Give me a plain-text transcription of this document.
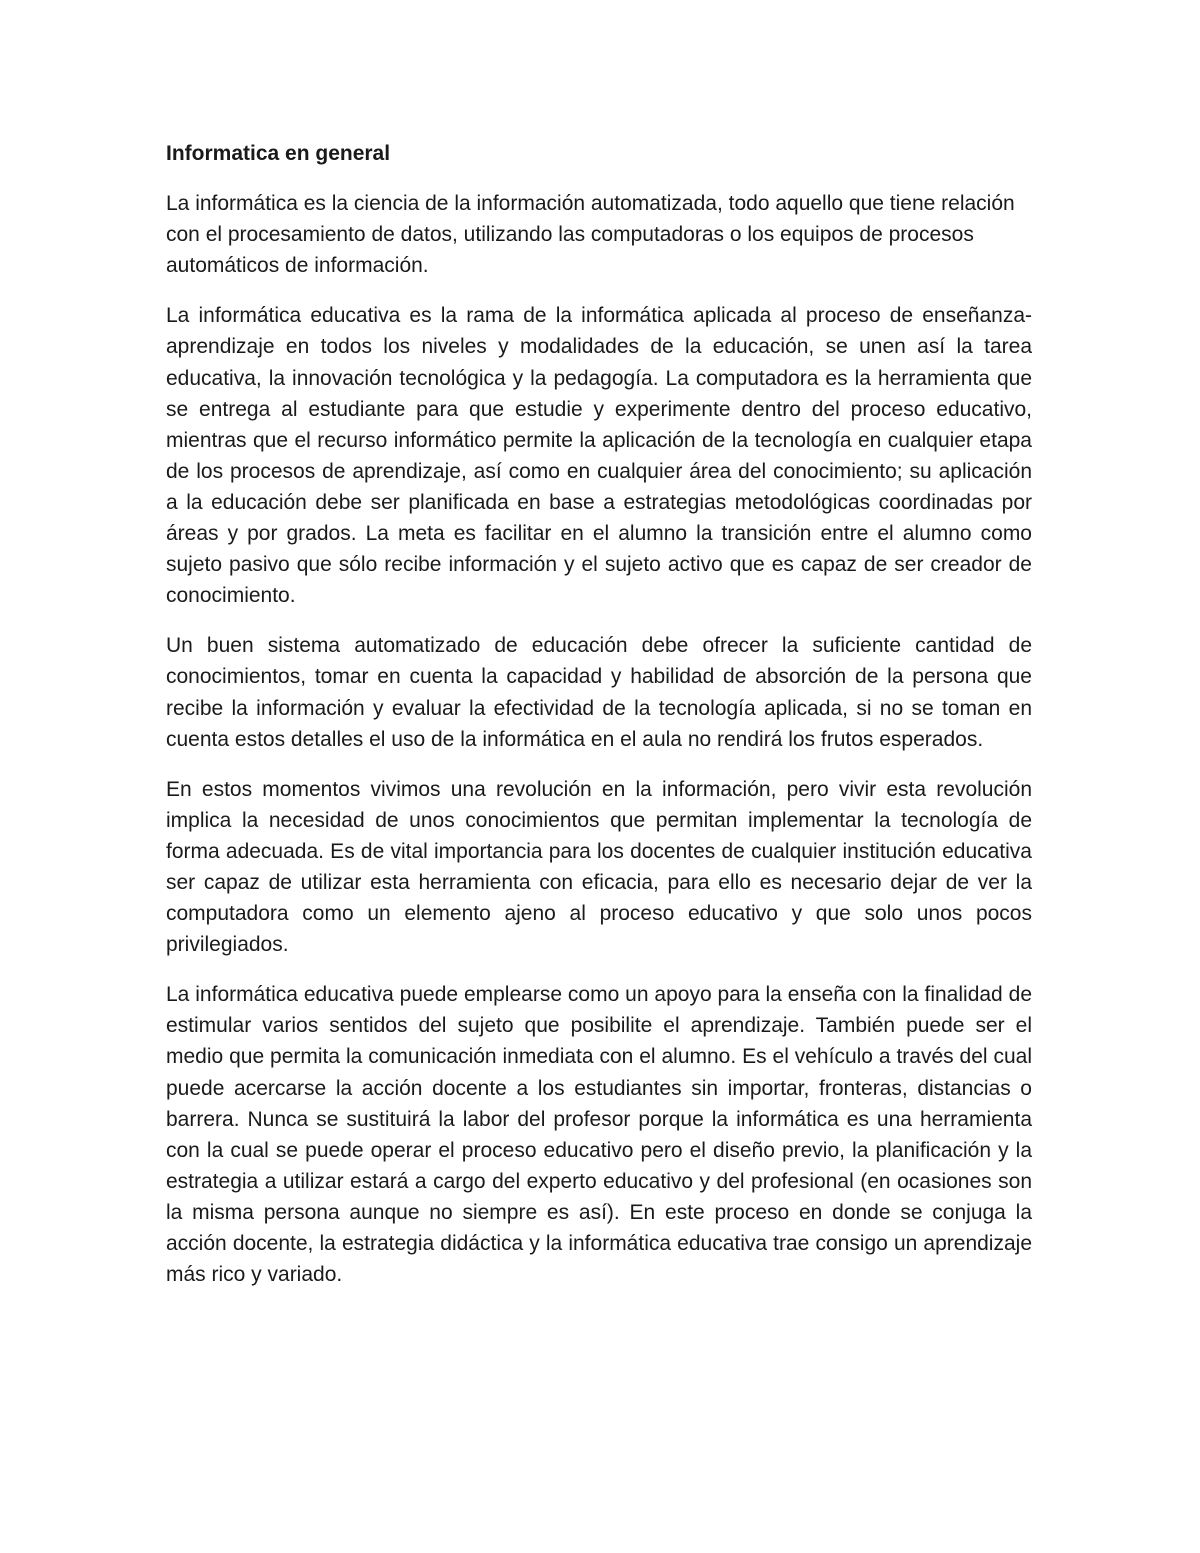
Informatica en general

La informática es la ciencia de la información automatizada, todo aquello que tiene relación con el procesamiento de datos, utilizando las computadoras o los equipos de procesos automáticos de información.

La informática educativa es la rama de la informática aplicada al proceso de enseñanza-aprendizaje en todos los niveles y modalidades de la educación, se unen así la tarea educativa, la innovación tecnológica y la pedagogía. La computadora es la herramienta que se entrega al estudiante para que estudie y experimente dentro del proceso educativo, mientras que el recurso informático permite la aplicación de la tecnología en cualquier etapa de los procesos de aprendizaje, así como en cualquier área del conocimiento; su aplicación a la educación debe ser planificada en base a estrategias metodológicas coordinadas por áreas y por grados. La meta es facilitar en el alumno la transición entre el alumno como sujeto pasivo que sólo recibe información y el sujeto activo que es capaz de ser creador de conocimiento.

Un buen sistema automatizado de educación debe ofrecer la suficiente cantidad de conocimientos, tomar en cuenta la capacidad y habilidad de absorción de la persona que recibe la información y evaluar la efectividad de la tecnología aplicada, si no se toman en cuenta estos detalles el uso de la informática en el aula no rendirá los frutos esperados.

En estos momentos vivimos una revolución en la información, pero vivir esta revolución implica la necesidad de unos conocimientos que permitan implementar la tecnología de forma adecuada. Es de vital importancia para los docentes de cualquier institución educativa ser capaz de utilizar esta herramienta con eficacia, para ello es necesario dejar de ver la computadora como un elemento ajeno al proceso educativo y que solo unos pocos privilegiados.

La informática educativa puede emplearse como un apoyo para la enseña con la finalidad de estimular varios sentidos del sujeto que posibilite el aprendizaje. También puede ser el medio que permita la comunicación inmediata con el alumno. Es el vehículo a través del cual puede acercarse la acción docente a los estudiantes sin importar, fronteras, distancias o barrera. Nunca se sustituirá la labor del profesor porque la informática es una herramienta con la cual se puede operar el proceso educativo pero el diseño previo, la planificación y la estrategia a utilizar estará a cargo del experto educativo y del profesional (en ocasiones son la misma persona aunque no siempre es así). En este proceso en donde se conjuga la acción docente, la estrategia didáctica y la informática educativa trae consigo un aprendizaje más rico y variado.
